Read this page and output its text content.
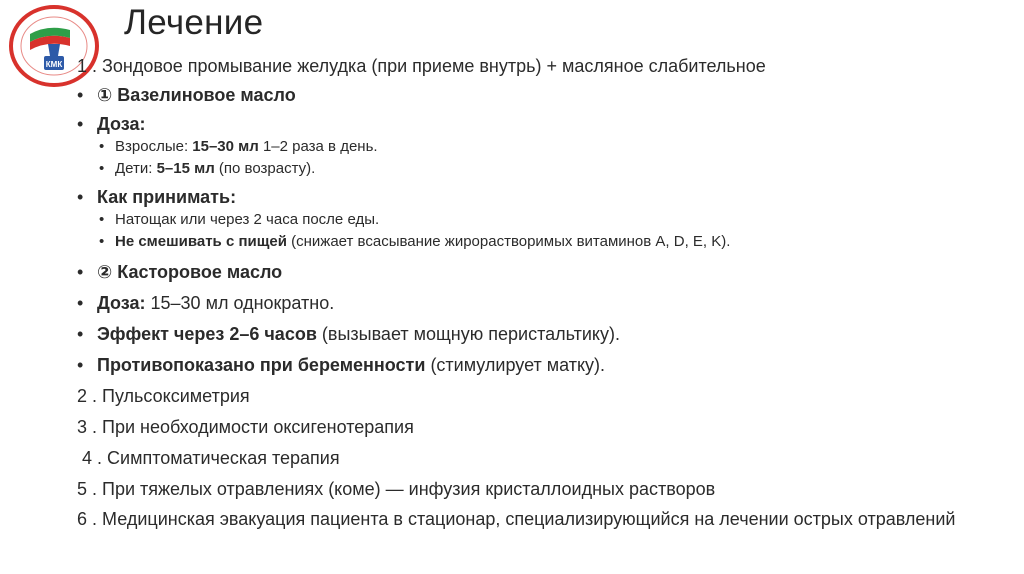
КМК
Лечение
1 . Зондовое промывание желудка (при приеме внутрь) + масляное слабительное
• ① Вазелиновое масло
• Доза:
• Взрослые: 15–30 мл 1–2 раза в день.
• Дети: 5–15 мл (по возрасту).
• Как принимать:
• Натощак или через 2 часа после еды.
• Не смешивать с пищей (снижает всасывание жирорастворимых витаминов A, D, E, K).
• ② Касторовое масло
• Доза: 15–30 мл однократно.
• Эффект через 2–6 часов (вызывает мощную перистальтику).
• Противопоказано при беременности (стимулирует матку).
2 . Пульсоксиметрия
3 . При необходимости оксигенотерапия
4 . Симптоматическая терапия
5 . При тяжелых отравлениях (коме) — инфузия кристаллоидных растворов
6 . Медицинская эвакуация пациента в стационар, специализирующийся на лечении острых отравлений
